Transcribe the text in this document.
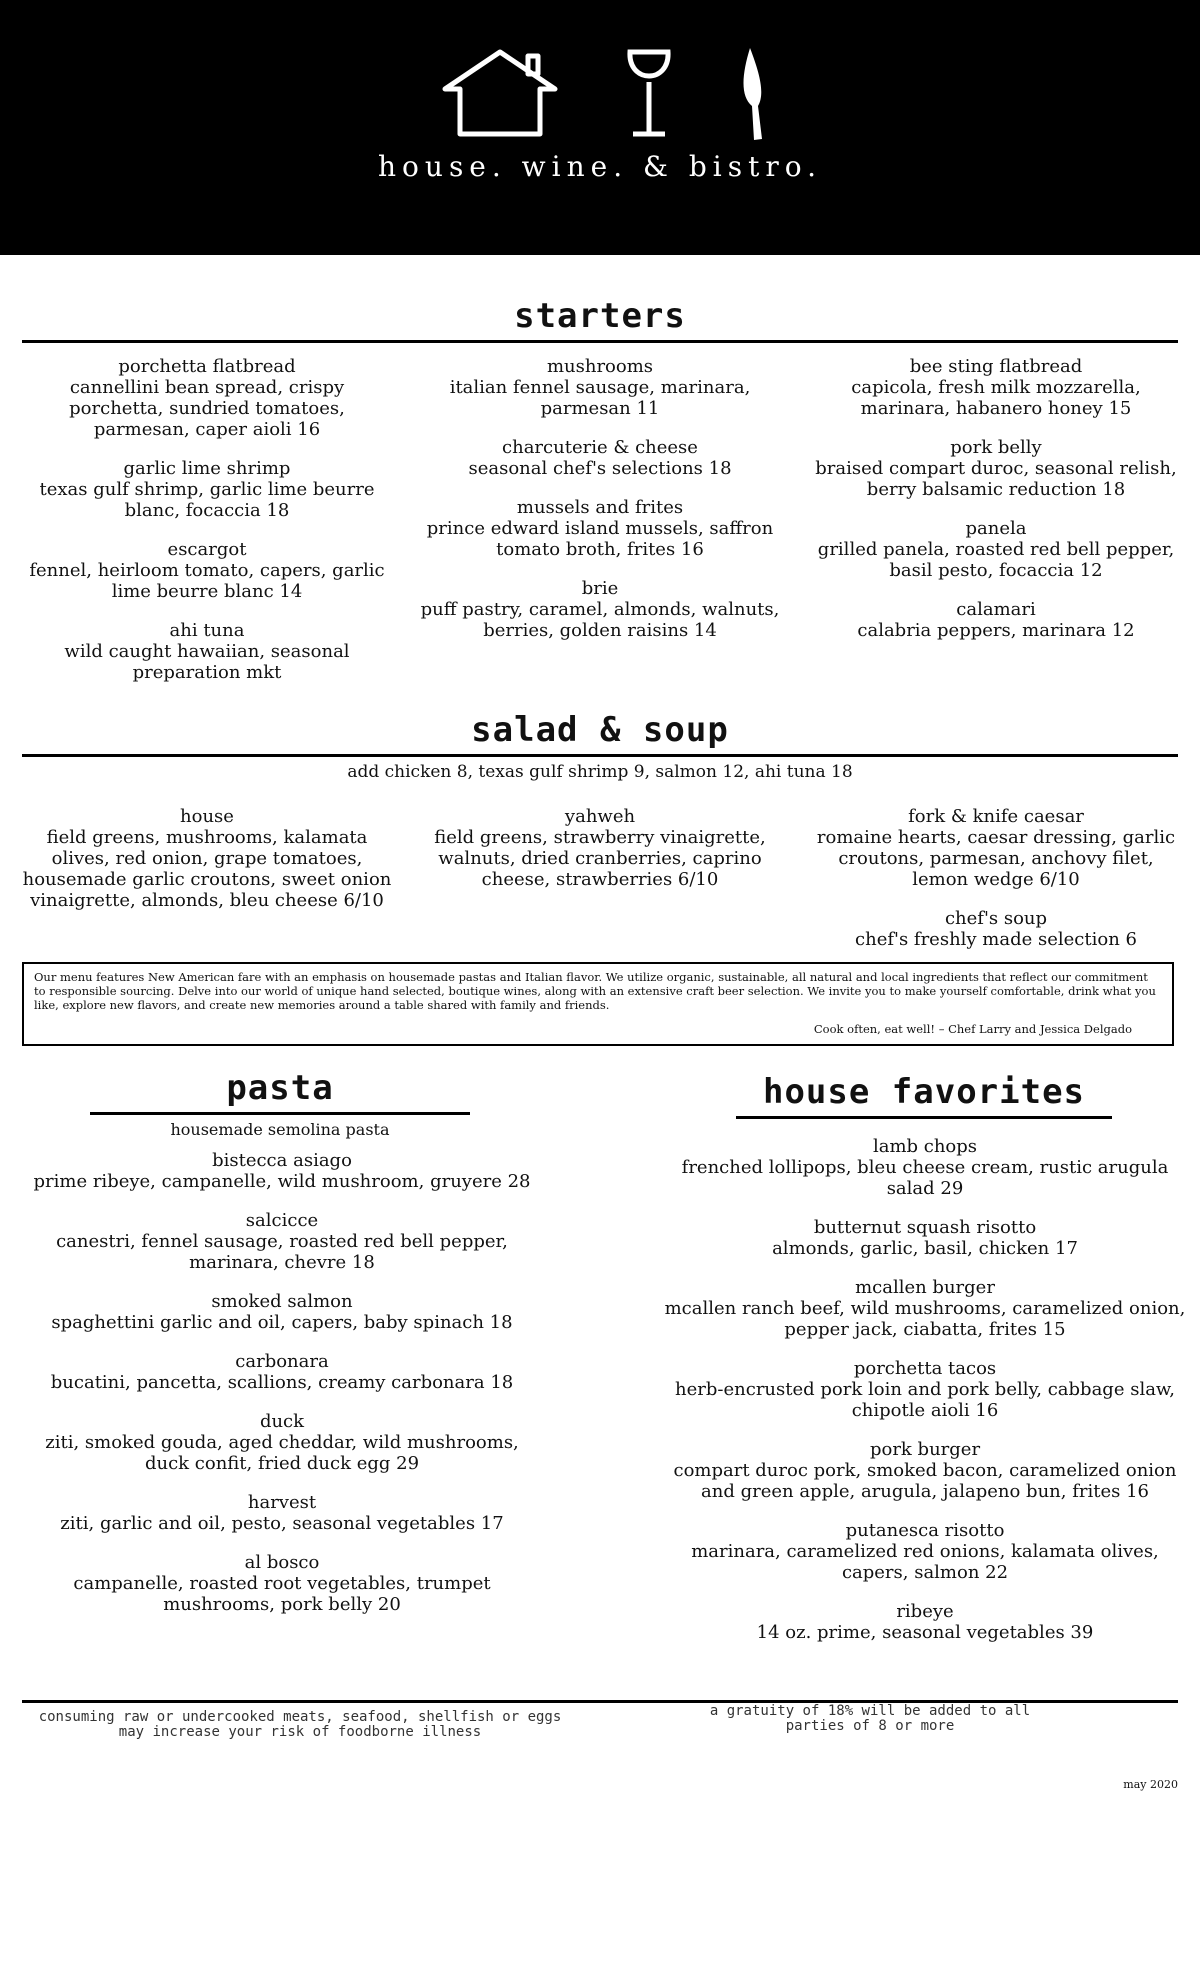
house. wine. & bistro.
starters
porchetta flatbread
cannellini bean spread, crispy porchetta, sundried tomatoes, parmesan, caper aioli 16
garlic lime shrimp
texas gulf shrimp, garlic lime beurre blanc, focaccia 18
escargot
fennel, heirloom tomato, capers, garlic lime beurre blanc 14
ahi tuna
wild caught hawaiian, seasonal preparation mkt
mushrooms
italian fennel sausage, marinara, parmesan 11
charcuterie & cheese
seasonal chef's selections 18
mussels and frites
prince edward island mussels, saffron tomato broth, frites 16
brie
puff pastry, caramel, almonds, walnuts, berries, golden raisins 14
bee sting flatbread
capicola, fresh milk mozzarella, marinara, habanero honey 15
pork belly
braised compart duroc, seasonal relish, berry balsamic reduction 18
panela
grilled panela, roasted red bell pepper, basil pesto, focaccia 12
calamari
calabria peppers, marinara 12
salad & soup
add chicken 8, texas gulf shrimp 9, salmon 12, ahi tuna 18
house
field greens, mushrooms, kalamata olives, red onion, grape tomatoes, housemade garlic croutons, sweet onion vinaigrette, almonds, bleu cheese 6/10
yahweh
field greens, strawberry vinaigrette, walnuts, dried cranberries, caprino cheese, strawberries 6/10
fork & knife caesar
romaine hearts, caesar dressing, garlic croutons, parmesan, anchovy filet, lemon wedge 6/10
chef's soup
chef's freshly made selection 6
Our menu features New American fare with an emphasis on housemade pastas and Italian flavor. We utilize organic, sustainable, all natural and local ingredients that reflect our commitment to responsible sourcing. Delve into our world of unique hand selected, boutique wines, along with an extensive craft beer selection. We invite you to make yourself comfortable, drink what you like, explore new flavors, and create new memories around a table shared with family and friends.
Cook often, eat well! – Chef Larry and Jessica Delgado
pasta
housemade semolina pasta
bistecca asiago
prime ribeye, campanelle, wild mushroom, gruyere 28
salcicce
canestri, fennel sausage, roasted red bell pepper, marinara, chevre 18
smoked salmon
spaghettini garlic and oil, capers, baby spinach 18
carbonara
bucatini, pancetta, scallions, creamy carbonara 18
duck
ziti, smoked gouda, aged cheddar, wild mushrooms, duck confit, fried duck egg 29
harvest
ziti, garlic and oil, pesto, seasonal vegetables 17
al bosco
campanelle, roasted root vegetables, trumpet mushrooms, pork belly 20
house favorites
lamb chops
frenched lollipops, bleu cheese cream, rustic arugula salad 29
butternut squash risotto
almonds, garlic, basil, chicken 17
mcallen burger
mcallen ranch beef, wild mushrooms, caramelized onion, pepper jack, ciabatta, frites 15
porchetta tacos
herb-encrusted pork loin and pork belly, cabbage slaw, chipotle aioli 16
pork burger
compart duroc pork, smoked bacon, caramelized onion and green apple, arugula, jalapeno bun, frites 16
putanesca risotto
marinara, caramelized red onions, kalamata olives, capers, salmon 22
ribeye
14 oz. prime, seasonal vegetables 39
consuming raw or undercooked meats, seafood, shellfish or eggs may increase your risk of foodborne illness
a gratuity of 18% will be added to all parties of 8 or more
may 2020
